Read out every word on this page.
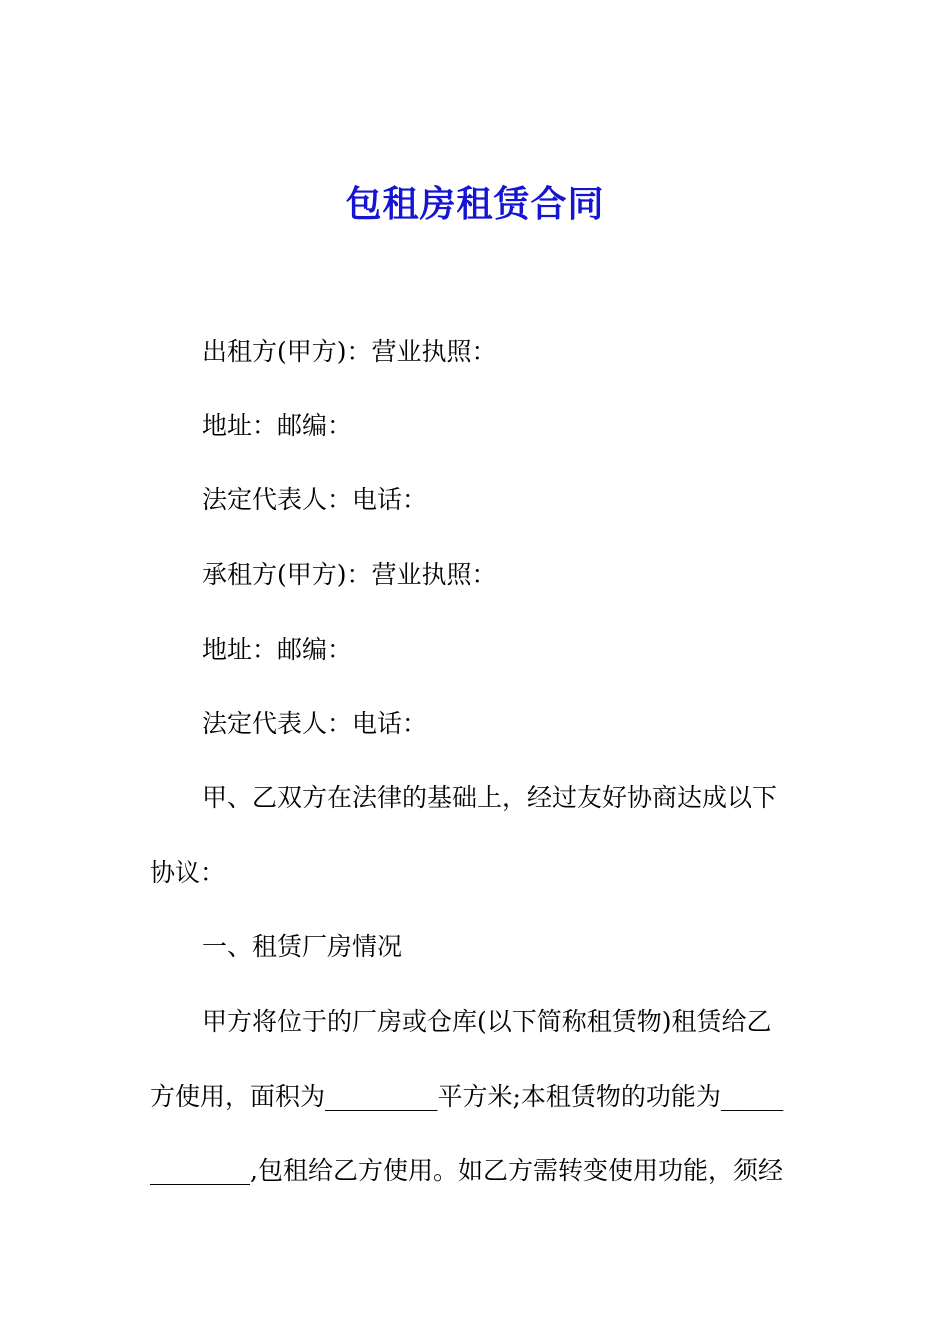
包租房租赁合同
出租方(甲方)：营业执照：
地址：邮编：
法定代表人：电话：
承租方(甲方)：营业执照：
地址：邮编：
法定代表人：电话：
甲、乙双方在法律的基础上，经过友好协商达成以下
协议：
一、租赁厂房情况
甲方将位于的厂房或仓库(以下简称租赁物)租赁给乙
方使用，面积为_________平方米;本租赁物的功能为_____
________,包租给乙方使用。如乙方需转变使用功能，须经
